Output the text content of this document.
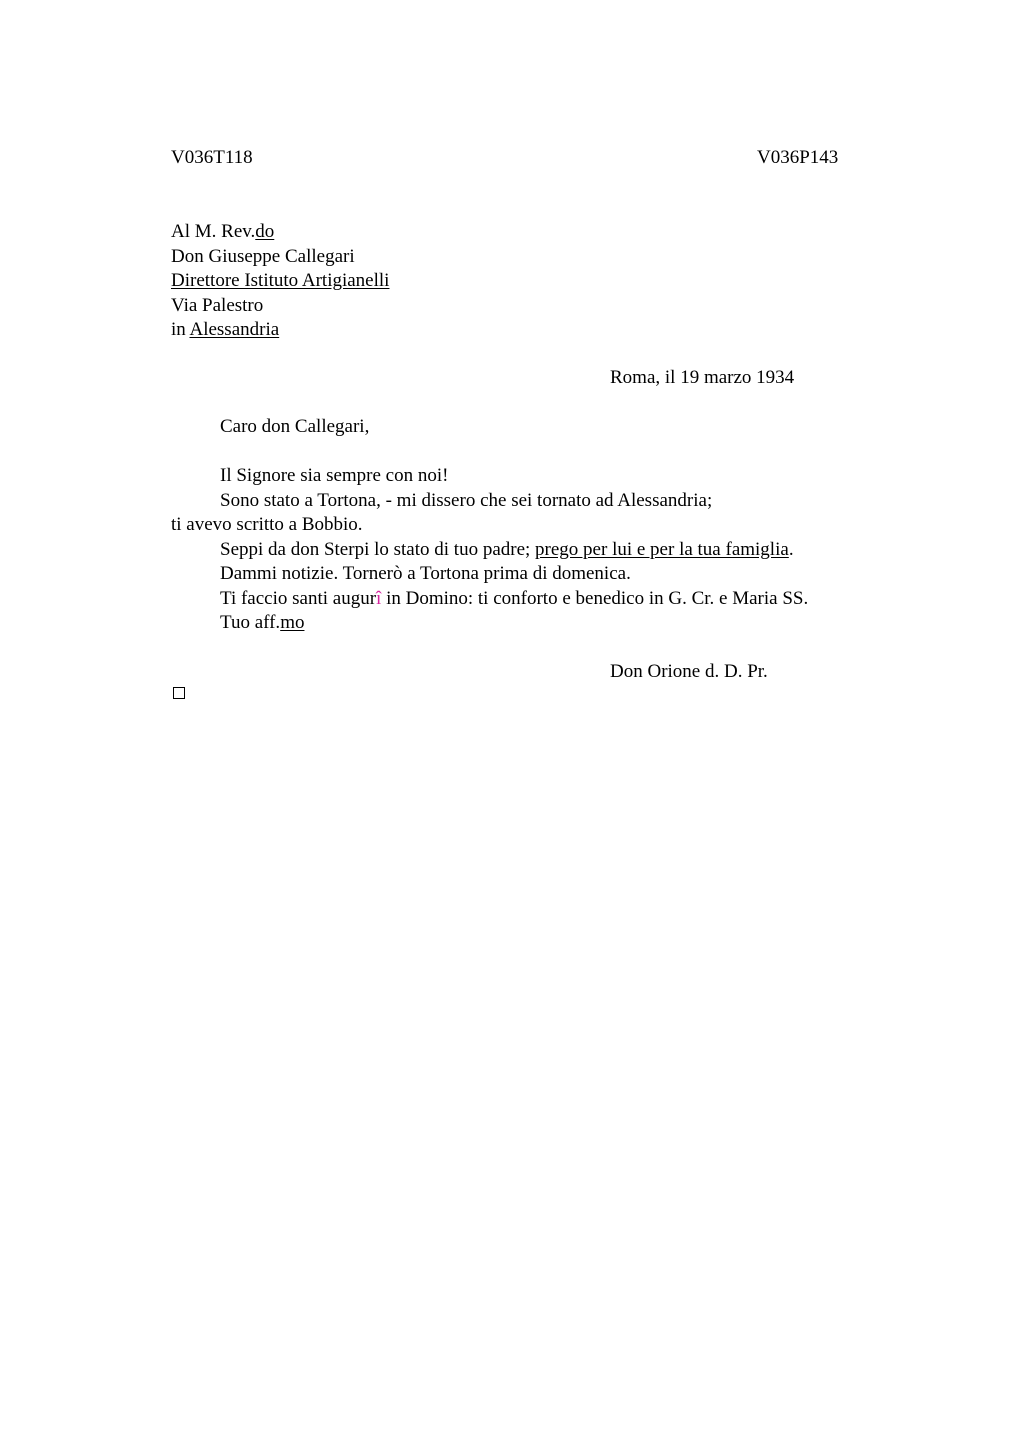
V036T118	V036P143
Al M. Rev.do
Don Giuseppe Callegari
Direttore Istituto Artigianelli
Via Palestro
in Alessandria
Roma, il 19 marzo 1934
Caro don Callegari,
Il Signore sia sempre con noi!
Sono stato a Tortona, - mi dissero che sei tornato ad Alessandria;
ti avevo scritto a Bobbio.
Seppi da don Sterpi lo stato di tuo padre; prego per lui e per la tua famiglia.
Dammi notizie. Tornerò a Tortona prima di domenica.
Ti faccio santi augurî in Domino: ti conforto e benedico in G. Cr. e Maria SS.
Tuo aff.mo
Don Orione d. D. Pr.
